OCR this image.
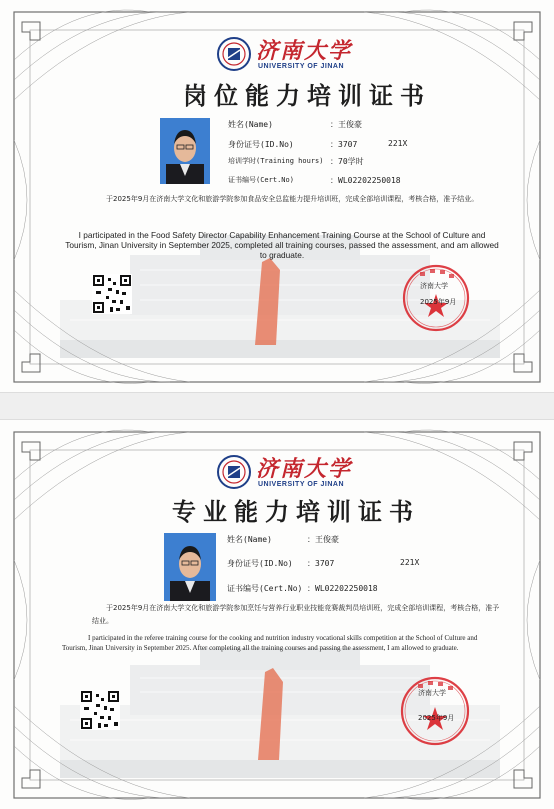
济南大学
UNIVERSITY OF JINAN
岗位能力培训证书
姓名(Name)	：王俊豪
身份证号(ID.No)	：3707	221X
培训学时(Training hours) ：70学时
证书编号(Cert.No)	：WL02202250018
于2025年9月在济南大学文化和旅游学院参加食品安全总监能力提升培训班，完成全部培训课程，考核合格，准予结业。
I participated in the Food Safety Director Capability Enhancement Training Course at the School of Culture and Tourism, Jinan University in September 2025, completed all training courses, passed the assessment, and am allowed to graduate.
济南大学
2025年9月
济南大学
UNIVERSITY OF JINAN
专业能力培训证书
姓名(Name)	：王俊豪
身份证号(ID.No) ：3707	221X
证书编号(Cert.No) ：WL02202250018
于2025年9月在济南大学文化和旅游学院参加烹饪与营养行业职业技能竞赛裁判员培训班，完成全部培训课程，考核合格，准予结业。
I participated in the referee training course for the cooking and nutrition industry vocational skills competition at the School of Culture and Tourism, Jinan University in September 2025. After completing all the training courses and passing the assessment, I am allowed to graduate.
济南大学
2025年9月
